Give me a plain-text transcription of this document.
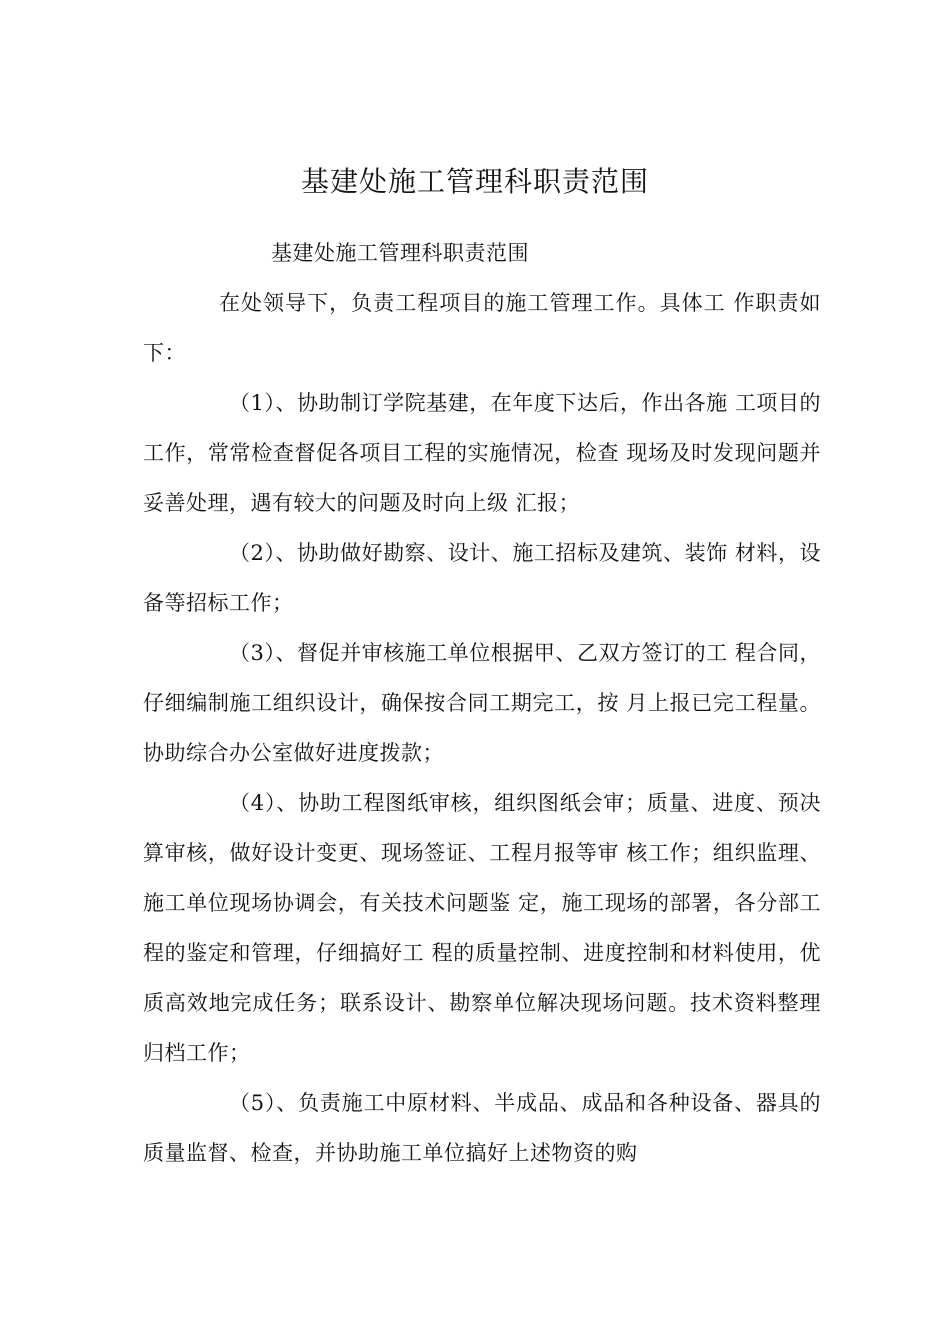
基建处施工管理科职责范围
基建处施工管理科职责范围

在处领导下，负责工程项目的施工管理工作。具体工 作职责如下：

（1）、协助制订学院基建，在年度下达后，作出各施 工项目的工作，常常检查督促各项目工程的实施情况，检查 现场及时发现问题并妥善处理，遇有较大的问题及时向上级 汇报；

（2）、协助做好勘察、设计、施工招标及建筑、装饰 材料，设备等招标工作；

（3）、督促并审核施工单位根据甲、乙双方签订的工 程合同，仔细编制施工组织设计，确保按合同工期完工，按 月上报已完工程量。协助综合办公室做好进度拨款；

（4）、协助工程图纸审核，组织图纸会审；质量、进度、预决算审核，做好设计变更、现场签证、工程月报等审 核工作；组织监理、施工单位现场协调会，有关技术问题鉴 定，施工现场的部署，各分部工程的鉴定和管理，仔细搞好工 程的质量控制、进度控制和材料使用，优质高效地完成任务；联系设计、勘察单位解决现场问题。技术资料整理归档工作；

（5）、负责施工中原材料、半成品、成品和各种设备、器具的质量监督、检查，并协助施工单位搞好上述物资的购
